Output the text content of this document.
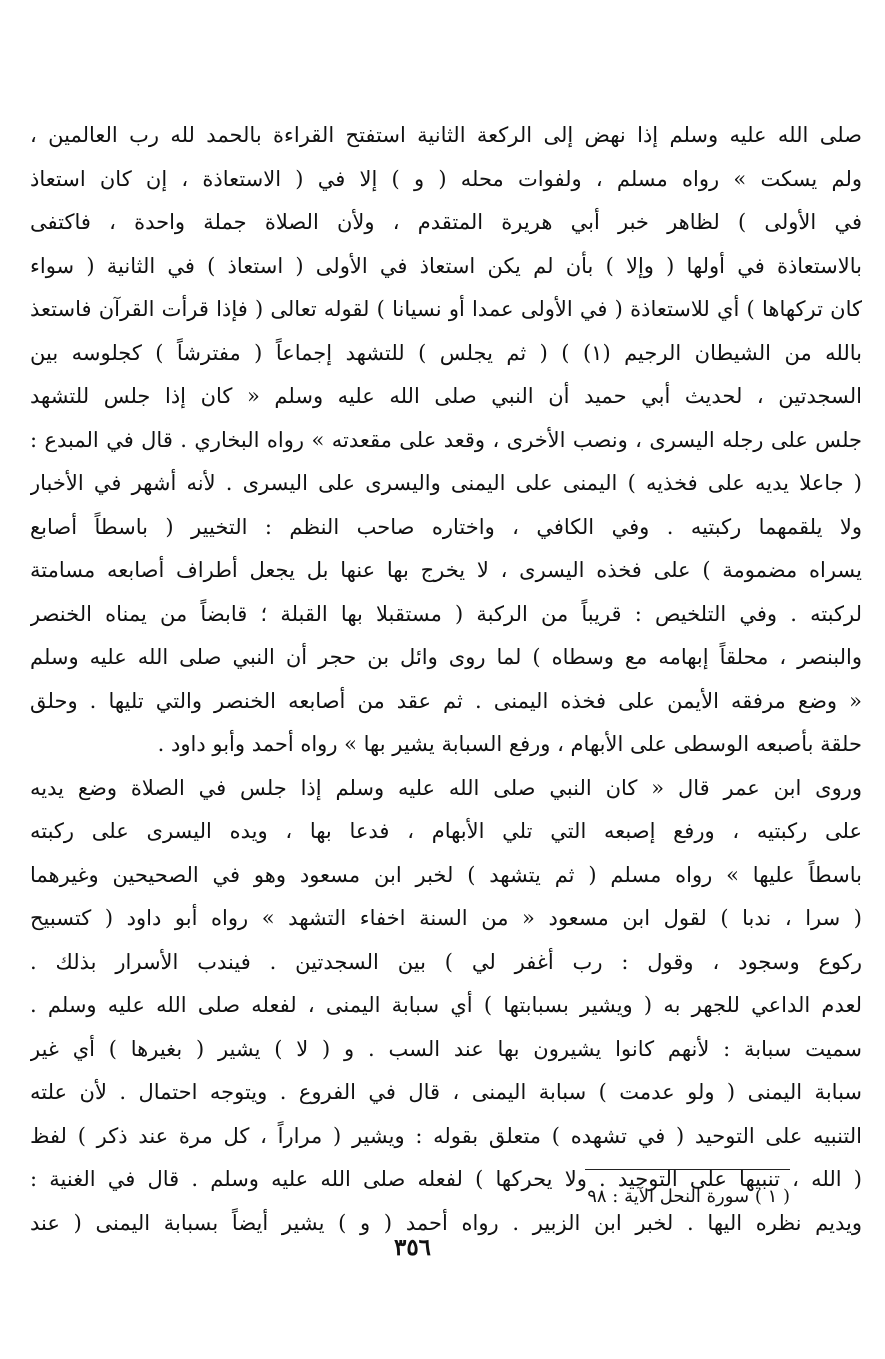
صلى الله عليه وسلم إذا نهض إلى الركعة الثانية استفتح القراءة بالحمد لله رب العالمين ،
ولم يسكت » رواه مسلم ، ولفوات محله ( و ) إلا في ( الاستعاذة ، إن كان استعاذ
في الأولى ) لظاهر خبر أبي هريرة المتقدم ، ولأن الصلاة جملة واحدة ، فاكتفى
بالاستعاذة في أولها ( وإلا ) بأن لم يكن استعاذ في الأولى ( استعاذ ) في الثانية ( سواء
كان تركهاها ) أي للاستعاذة ( في الأولى عمدا أو نسيانا ) لقوله تعالى ( فإذا قرأت القرآن فاستعذ
بالله من الشيطان الرجيم (١) ) ( ثم يجلس ) للتشهد إجماعاً ( مفترشاً ) كجلوسه بين
السجدتين ، لحديث أبي حميد أن النبي صلى الله عليه وسلم « كان إذا جلس للتشهد
جلس على رجله اليسرى ، ونصب الأخرى ، وقعد على مقعدته » رواه البخاري . قال في المبدع :
( جاعلا يديه على فخذيه ) اليمنى على اليمنى واليسرى على اليسرى . لأنه أشهر في الأخبار
ولا يلقمهما ركبتيه . وفي الكافي ، واختاره صاحب النظم : التخيير ( باسطاً أصابع
يسراه مضمومة ) على فخذه اليسرى ، لا يخرج بها عنها بل يجعل أطراف أصابعه مسامتة
لركبته . وفي التلخيص : قريباً من الركبة ( مستقبلا بها القبلة ؛ قابضاً من يمناه الخنصر
والبنصر ، محلقاً إبهامه مع وسطاه ) لما روى وائل بن حجر أن النبي صلى الله عليه وسلم
« وضع مرفقه الأيمن على فخذه اليمنى . ثم عقد من أصابعه الخنصر والتي تليها . وحلق
حلقة بأصبعه الوسطى على الأبهام ، ورفع السبابة يشير بها » رواه أحمد وأبو داود .
وروى ابن عمر قال « كان النبي صلى الله عليه وسلم إذا جلس في الصلاة وضع يديه
على ركبتيه ، ورفع إصبعه التي تلي الأبهام ، فدعا بها ، ويده اليسرى على ركبته
باسطاً عليها » رواه مسلم ( ثم يتشهد ) لخبر ابن مسعود وهو في الصحيحين وغيرهما
( سرا ، ندبا ) لقول ابن مسعود « من السنة اخفاء التشهد » رواه أبو داود ( كتسبيح
ركوع وسجود ، وقول : رب أغفر لي ) بين السجدتين . فيندب الأسرار بذلك .
لعدم الداعي للجهر به ( ويشير بسبابتها ) أي سبابة اليمنى ، لفعله صلى الله عليه وسلم .
سميت سبابة : لأنهم كانوا يشيرون بها عند السب . و ( لا ) يشير ( بغيرها ) أي غير
سبابة اليمنى ( ولو عدمت ) سبابة اليمنى ، قال في الفروع . ويتوجه احتمال . لأن علته
التنبيه على التوحيد ( في تشهده ) متعلق بقوله : ويشير ( مراراً ، كل مرة عند ذكر ) لفظ
( الله ، تنبيها على التوحيد . ولا يحركها ) لفعله صلى الله عليه وسلم . قال في الغنية :
ويديم نظره اليها . لخبر ابن الزبير . رواه أحمد ( و ) يشير أيضاً بسبابة اليمنى ( عند
( ١ ) سورة النحل الآية : ٩٨
٣٥٦
